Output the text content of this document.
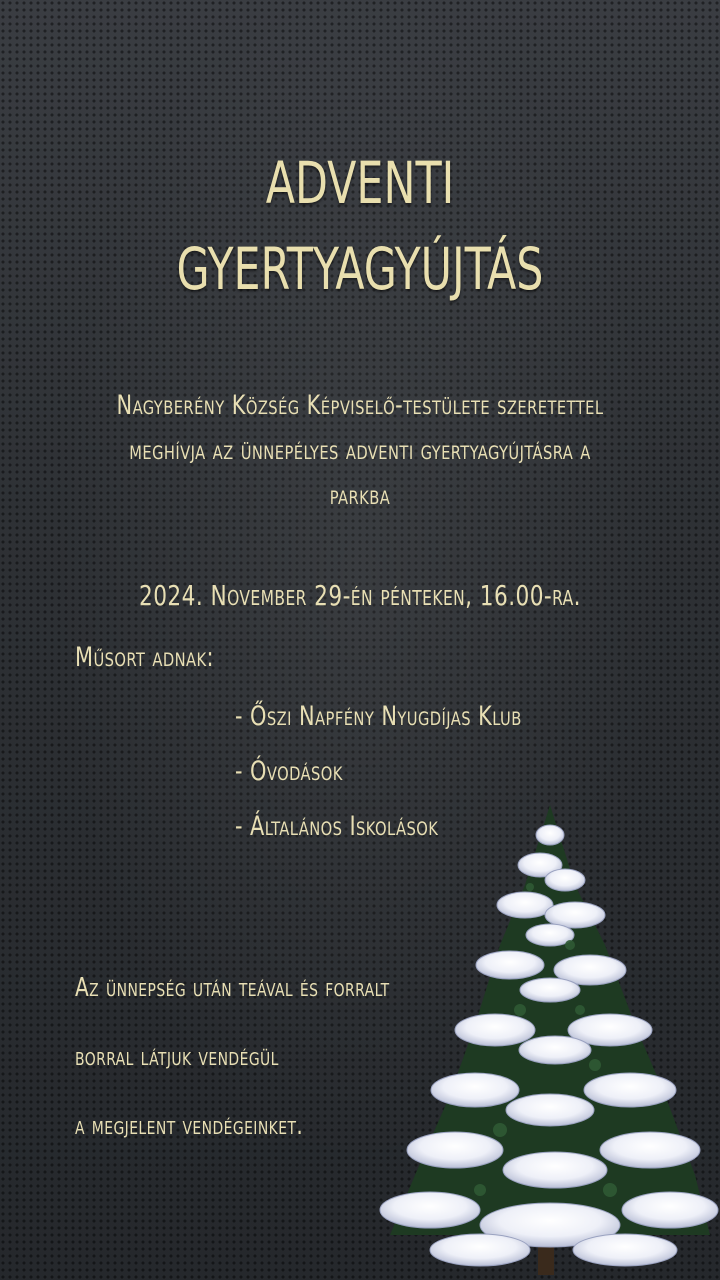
ADVENTI
GYERTYAGYÚJTÁS
Nagyberény Község Képviselő-testülete szeretettel meghívja az ünnepélyes adventi gyertyagyújtásra a parkba
2024. November 29-én pénteken, 16.00-ra.
Műsort adnak:
- Őszi Napfény Nyugdíjas Klub
- Óvodások
- Általános Iskolások
Az ünnepség után teával és forralt
borral látjuk vendégül
a megjelent vendégeinket.
